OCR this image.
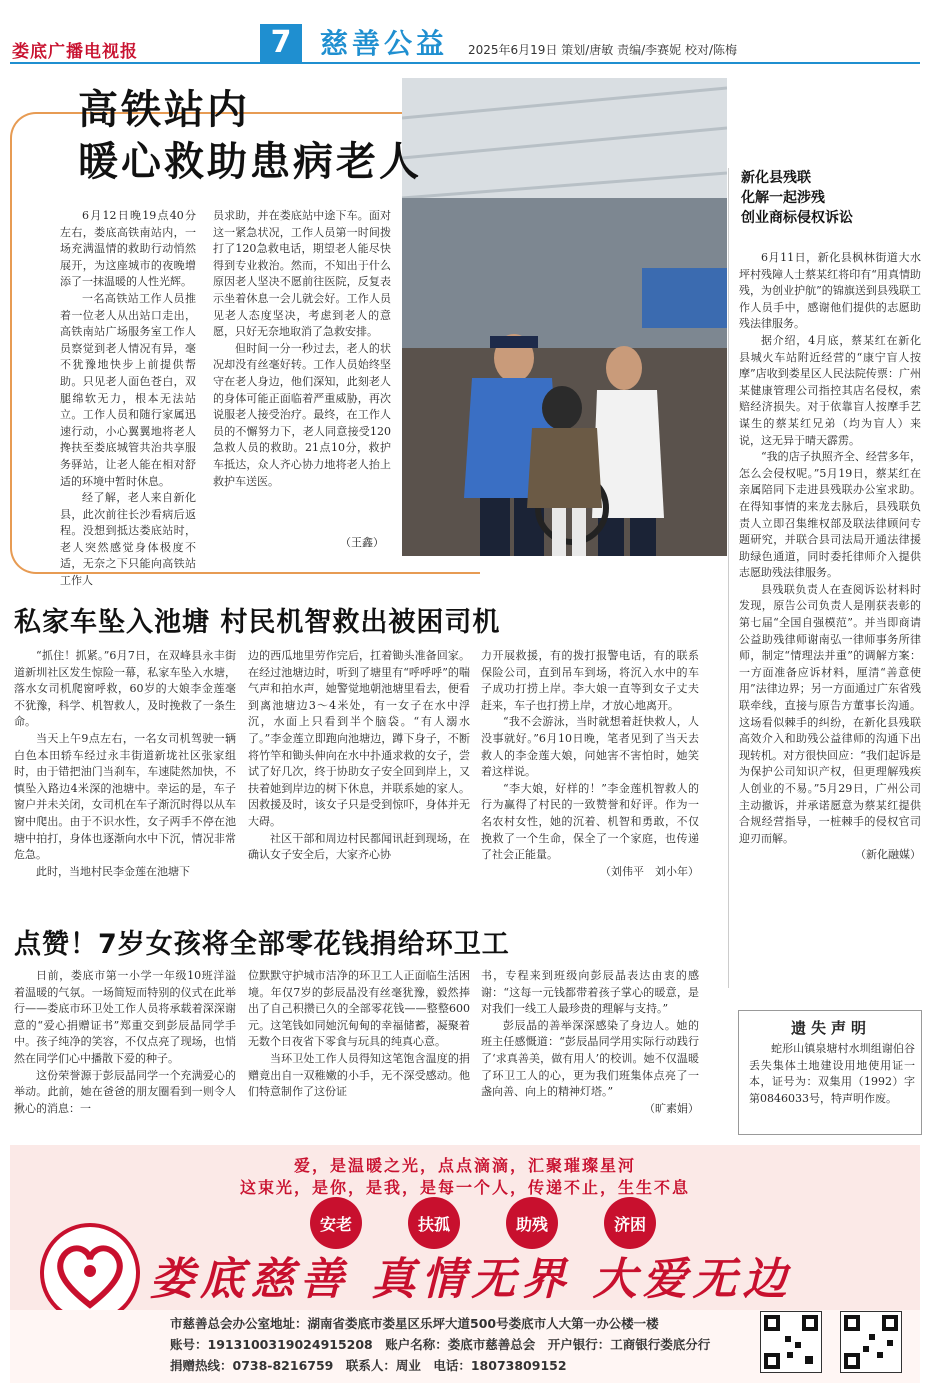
娄底广播电视报	7	慈善公益 2025年6月19日 策划/唐敏 责编/李赛妮 校对/陈梅
高铁站内
暖心救助患病老人

6月12日晚19点40分左右，娄底高铁南站内，一场充满温情的救助行动悄然展开，为这座城市的夜晚增添了一抹温暖的人性光辉。

一名高铁站工作人员推着一位老人从出站口走出，高铁南站广场服务室工作人员察觉到老人情况有异，毫不犹豫地快步上前提供帮助。只见老人面色苍白，双腿绵软无力，根本无法站立。工作人员和随行家属迅速行动，小心翼翼地将老人搀扶至娄底城管共治共享服务驿站，让老人能在相对舒适的环境中暂时休息。

经了解，老人来自新化县，此次前往长沙看病后返程。没想到抵达娄底站时，老人突然感觉身体极度不适，无奈之下只能向高铁站工作人

员求助，并在娄底站中途下车。面对这一紧急状况，工作人员第一时间拨打了120急救电话，期望老人能尽快得到专业救治。然而，不知出于什么原因老人坚决不愿前往医院，反复表示坐着休息一会儿就会好。工作人员见老人态度坚决，考虑到老人的意愿，只好无奈地取消了急救安排。

但时间一分一秒过去，老人的状况却没有丝毫好转。工作人员始终坚守在老人身边，他们深知，此刻老人的身体可能正面临着严重威胁，再次说服老人接受治疗。最终，在工作人员的不懈努力下，老人同意接受120急救人员的救助。21点10分，救护车抵达，众人齐心协力地将老人抬上救护车送医。

（王鑫）
新化县残联
化解一起涉残
创业商标侵权诉讼

6月11日，新化县枫林街道大水坪村残障人士蔡某红将印有“用真情助残，为创业护航”的锦旗送到县残联工作人员手中，感谢他们提供的志愿助残法律服务。

据介绍，4月底，蔡某红在新化县城火车站附近经营的“康宁盲人按摩”店收到娄星区人民法院传票：广州某健康管理公司指控其店名侵权，索赔经济损失。对于依靠盲人按摩手艺谋生的蔡某红兄弟（均为盲人）来说，这无异于晴天霹雳。

“我的店子执照齐全、经营多年，怎么会侵权呢。”5月19日，蔡某红在亲属陪同下走进县残联办公室求助。在得知事情的来龙去脉后，县残联负责人立即召集维权部及联法律顾问专题研究，并联合县司法局开通法律援助绿色通道，同时委托律师介入提供志愿助残法律服务。

县残联负责人在查阅诉讼材料时发现，原告公司负责人是刚获表彰的第七届“全国自强模范”。并当即商请公益助残律师谢南弘一律师事务所律师，制定“情理法并重”的调解方案：一方面准备应诉材料，厘清“善意使用”法律边界；另一方面通过广东省残联牵线，直接与原告方董事长沟通。这场看似棘手的纠纷，在新化县残联高效介入和助残公益律师的沟通下出现转机。对方很快回应：“我们起诉是为保护公司知识产权，但更理解残疾人创业的不易。”5月29日，广州公司主动撤诉，并承诺愿意为蔡某红提供合规经营指导，一桩棘手的侵权官司迎刃而解。

（新化融媒）

遗失声明
蛇形山镇泉塘村水圳组谢伯谷丢失集体土地建设用地使用证一本，证号为：双集用（1992）字第0846033号，特声明作废。
私家车坠入池塘 村民机智救出被困司机

“抓住！抓紧。”6月7日，在双峰县永丰街道新圳社区发生惊险一幕，私家车坠入水塘，落水女司机爬窗呼救，60岁的大娘李金莲毫不犹豫，科学、机智救人，及时挽救了一条生命。

当天上午9点左右，一名女司机驾驶一辆白色本田轿车经过永丰街道新垅社区张家组时，由于错把油门当刹车，车速陡然加快，不慎坠入路边4米深的池塘中。幸运的是，车子窗户并未关闭，女司机在车子渐沉时得以从车窗中爬出。由于不识水性，女子两手不停在池塘中拍打，身体也逐渐向水中下沉，情况非常危急。

此时，当地村民李金莲在池塘下

边的西瓜地里劳作完后，扛着锄头准备回家。在经过池塘边时，听到了塘里有“呼呼呼”的喘气声和拍水声，她警觉地朝池塘里看去，便看到离池塘边3～4米处，有一女子在水中浮沉，水面上只看到半个脑袋。“有人溺水了。”李金莲立即跑向池塘边，蹲下身子，不断将竹竿和锄头伸向在水中扑通求救的女子，尝试了好几次，终于协助女子安全回到岸上，又扶着她到岸边的树下休息，并联系她的家人。因救援及时，该女子只是受到惊吓，身体并无大碍。

社区干部和周边村民都闻讯赶到现场，在确认女子安全后，大家齐心协

力开展救援，有的拨打报警电话，有的联系保险公司，直到吊车到场，将沉入水中的车子成功打捞上岸。李大娘一直等到女子丈夫赶来，车子也打捞上岸，才放心地离开。

“我不会游泳，当时就想着赶快救人，人没事就好。”6月10日晚，笔者见到了当天去救人的李金莲大娘，问她害不害怕时，她笑着这样说。

“李大娘，好样的！”李金莲机智救人的行为赢得了村民的一致赞誉和好评。作为一名农村女性，她的沉着、机智和勇敢，不仅挽救了一个生命，保全了一个家庭，也传递了社会正能量。

（刘伟平　刘小年）

点赞！7岁女孩将全部零花钱捐给环卫工

日前，娄底市第一小学一年级10班洋溢着温暖的气氛。一场简短而特别的仪式在此举行——娄底市环卫处工作人员将承载着深深谢意的“爱心捐赠证书”郑重交到彭辰晶同学手中。孩子纯净的笑容，不仅点亮了现场，也悄然在同学们心中播散下爱的种子。

这份荣誉源于彭辰晶同学一个充满爱心的举动。此前，她在爸爸的朋友圈看到一则令人揪心的消息：一

位默默守护城市洁净的环卫工人正面临生活困境。年仅7岁的彭辰晶没有丝毫犹豫，毅然捧出了自己积攒已久的全部零花钱——整整600元。这笔钱如同她沉甸甸的幸福储蓄，凝聚着无数个日夜省下零食与玩具的纯真心意。

当环卫处工作人员得知这笔饱含温度的捐赠竟出自一双稚嫩的小手，无不深受感动。他们特意制作了这份证

书，专程来到班级向彭辰晶表达由衷的感谢：“这每一元钱都带着孩子掌心的暖意，是对我们一线工人最珍贵的理解与支持。”

彭辰晶的善举深深感染了身边人。她的班主任感慨道：“彭辰晶同学用实际行动践行了‘求真善美，做有用人’的校训。她不仅温暖了环卫工人的心，更为我们班集体点亮了一盏向善、向上的精神灯塔。”

（旷素娟）

爱，是温暖之光，点点滴滴，汇聚璀璨星河
这束光，是你，是我，是每一个人，传递不止，生生不息
安老	扶孤	助残	济困
娄底慈善 真情无界 大爱无边
市慈善总会办公室地址：湖南省娄底市娄星区乐坪大道500号娄底市人大第一办公楼一楼
账号：1913100319024915208　账户名称：娄底市慈善总会　开户银行：工商银行娄底分行
捐赠热线：0738-8216759　联系人：周业　电话：18073809152
